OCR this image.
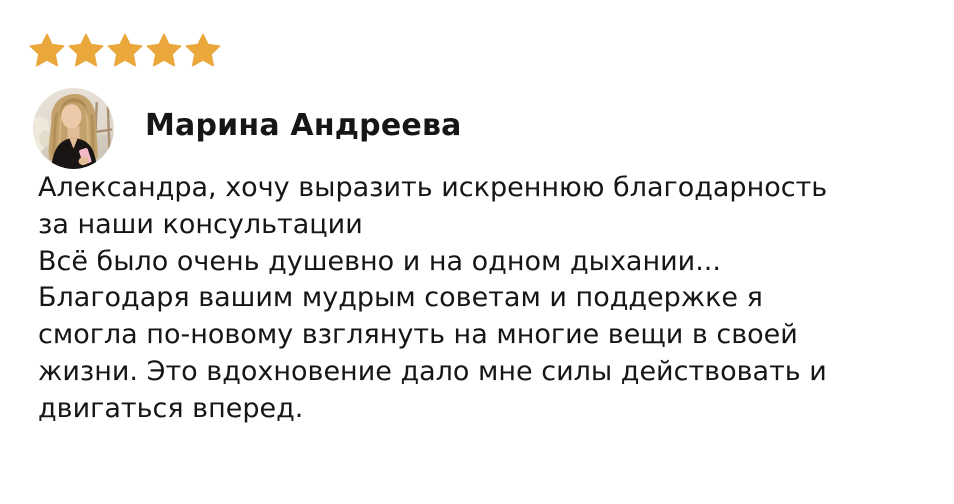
Марина Андреева
Александра, хочу выразить искреннюю благодарность
за наши консультации
Всё было очень душевно и на одном дыхании...
Благодаря вашим мудрым советам и поддержке я
смогла по-новому взглянуть на многие вещи в своей
жизни. Это вдохновение дало мне силы действовать и
двигаться вперед.
